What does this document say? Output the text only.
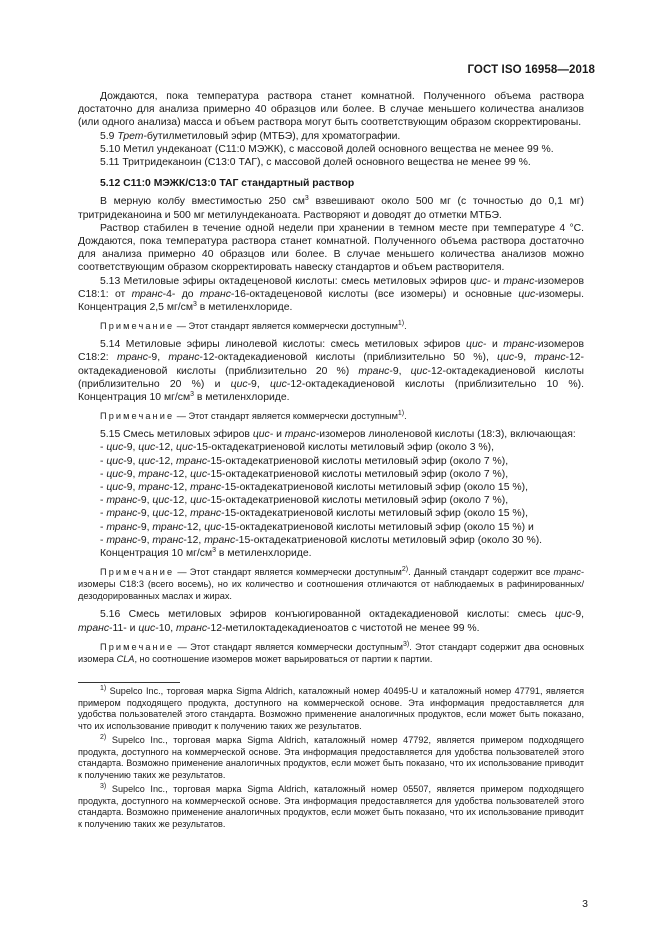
ГОСТ ISO 16958—2018

Дождаются, пока температура раствора станет комнатной. Полученного объема раствора достаточно для анализа примерно 40 образцов или более. В случае меньшего количества анализов (или одного анализа) масса и объем раствора могут быть соответствующим образом скорректированы.

5.9 Трет-бутилметиловый эфир (МТБЭ), для хроматографии.

5.10 Метил ундеканоат (С11:0 МЭЖК), с массовой долей основного вещества не менее 99 %.

5.11 Тритридеканоин (С13:0 ТАГ), с массовой долей основного вещества не менее 99 %.

5.12 С11:0 МЭЖК/С13:0 ТАГ стандартный раствор

В мерную колбу вместимостью 250 $см^3$ взвешивают около 500 мг (с точностью до 0,1 мг) тритридеканоина и 500 мг метилундеканоата. Растворяют и доводят до отметки МТБЭ.

Раствор стабилен в течение одной недели при хранении в темном месте при температуре 4 °С. Дождаются, пока температура раствора станет комнатной. Полученного объема раствора достаточно для анализа примерно 40 образцов или более. В случае меньшего количества анализов можно соответствующим образом скорректировать навеску стандартов и объем растворителя.

5.13 Метиловые эфиры октадеценовой кислоты: смесь метиловых эфиров цис- и транс-изомеров С18:1: от транс-4- до транс-16-октадеценовой кислоты (все изомеры) и основные цис-изомеры. Концентрация 2,5 $мг/см^3$ в метиленхлориде.

Примечание — Этот стандарт является коммерчески доступным$^{1)}$.

5.14 Метиловые эфиры линолевой кислоты: смесь метиловых эфиров цис- и транс-изомеров С18:2: транс-9, транс-12-октадекадиеновой кислоты (приблизительно 50 %), цис-9, транс-12-октадекадиеновой кислоты (приблизительно 20 %) транс-9, цис-12-октадекадиеновой кислоты (приблизительно 20 %) и цис-9, цис-12-октадекадиеновой кислоты (приблизительно 10 %). Концентрация 10 $мг/см^3$ в метиленхлориде.

Примечание — Этот стандарт является коммерчески доступным$^{1)}$.

5.15 Смесь метиловых эфиров цис- и транс-изомеров линоленовой кислоты (18:3), включающая:

- цис-9, цис-12, цис-15-октадекатриеновой кислоты метиловый эфир (около 3 %),

- цис-9, цис-12, транс-15-октадекатриеновой кислоты метиловый эфир (около 7 %),

- цис-9, транс-12, цис-15-октадекатриеновой кислоты метиловый эфир (около 7 %),

- цис-9, транс-12, транс-15-октадекатриеновой кислоты метиловый эфир (около 15 %),

- транс-9, цис-12, цис-15-октадекатриеновой кислоты метиловый эфир (около 7 %),

- транс-9, цис-12, транс-15-октадекатриеновой кислоты метиловый эфир (около 15 %),

- транс-9, транс-12, цис-15-октадекатриеновой кислоты метиловый эфир (около 15 %) и

- транс-9, транс-12, транс-15-октадекатриеновой кислоты метиловый эфир (около 30 %).

Концентрация 10 $мг/см^3$ в метиленхлориде.

Примечание — Этот стандарт является коммерчески доступным$^{2)}$. Данный стандарт содержит все транс-изомеры С18:3 (всего восемь), но их количество и соотношения отличаются от наблюдаемых в рафинированных/дезодорированных маслах и жирах.

5.16 Смесь метиловых эфиров конъюгированной октадекадиеновой кислоты: смесь цис-9, транс-11- и цис-10, транс-12-метилоктадекадиеноатов с чистотой не менее 99 %.

Примечание — Этот стандарт является коммерчески доступным$^{3)}$. Этот стандарт содержит два основных изомера CLA, но соотношение изомеров может варьироваться от партии к партии.

$^{1)}$ Supelco Inc., торговая марка Sigma Aldrich, каталожный номер 40495-U и каталожный номер 47791, является примером подходящего продукта, доступного на коммерческой основе. Эта информация предоставляется для удобства пользователей этого стандарта. Возможно применение аналогичных продуктов, если может быть показано, что их использование приводит к получению таких же результатов.

$^{2)}$ Supelco Inc., торговая марка Sigma Aldrich, каталожный номер 47792, является примером подходящего продукта, доступного на коммерческой основе. Эта информация предоставляется для удобства пользователей этого стандарта. Возможно применение аналогичных продуктов, если может быть показано, что их использование приводит к получению таких же результатов.

$^{3)}$ Supelco Inc., торговая марка Sigma Aldrich, каталожный номер 05507, является примером подходящего продукта, доступного на коммерческой основе. Эта информация предоставляется для удобства пользователей этого стандарта. Возможно применение аналогичных продуктов, если может быть показано, что их использование приводит к получению таких же результатов.

3
